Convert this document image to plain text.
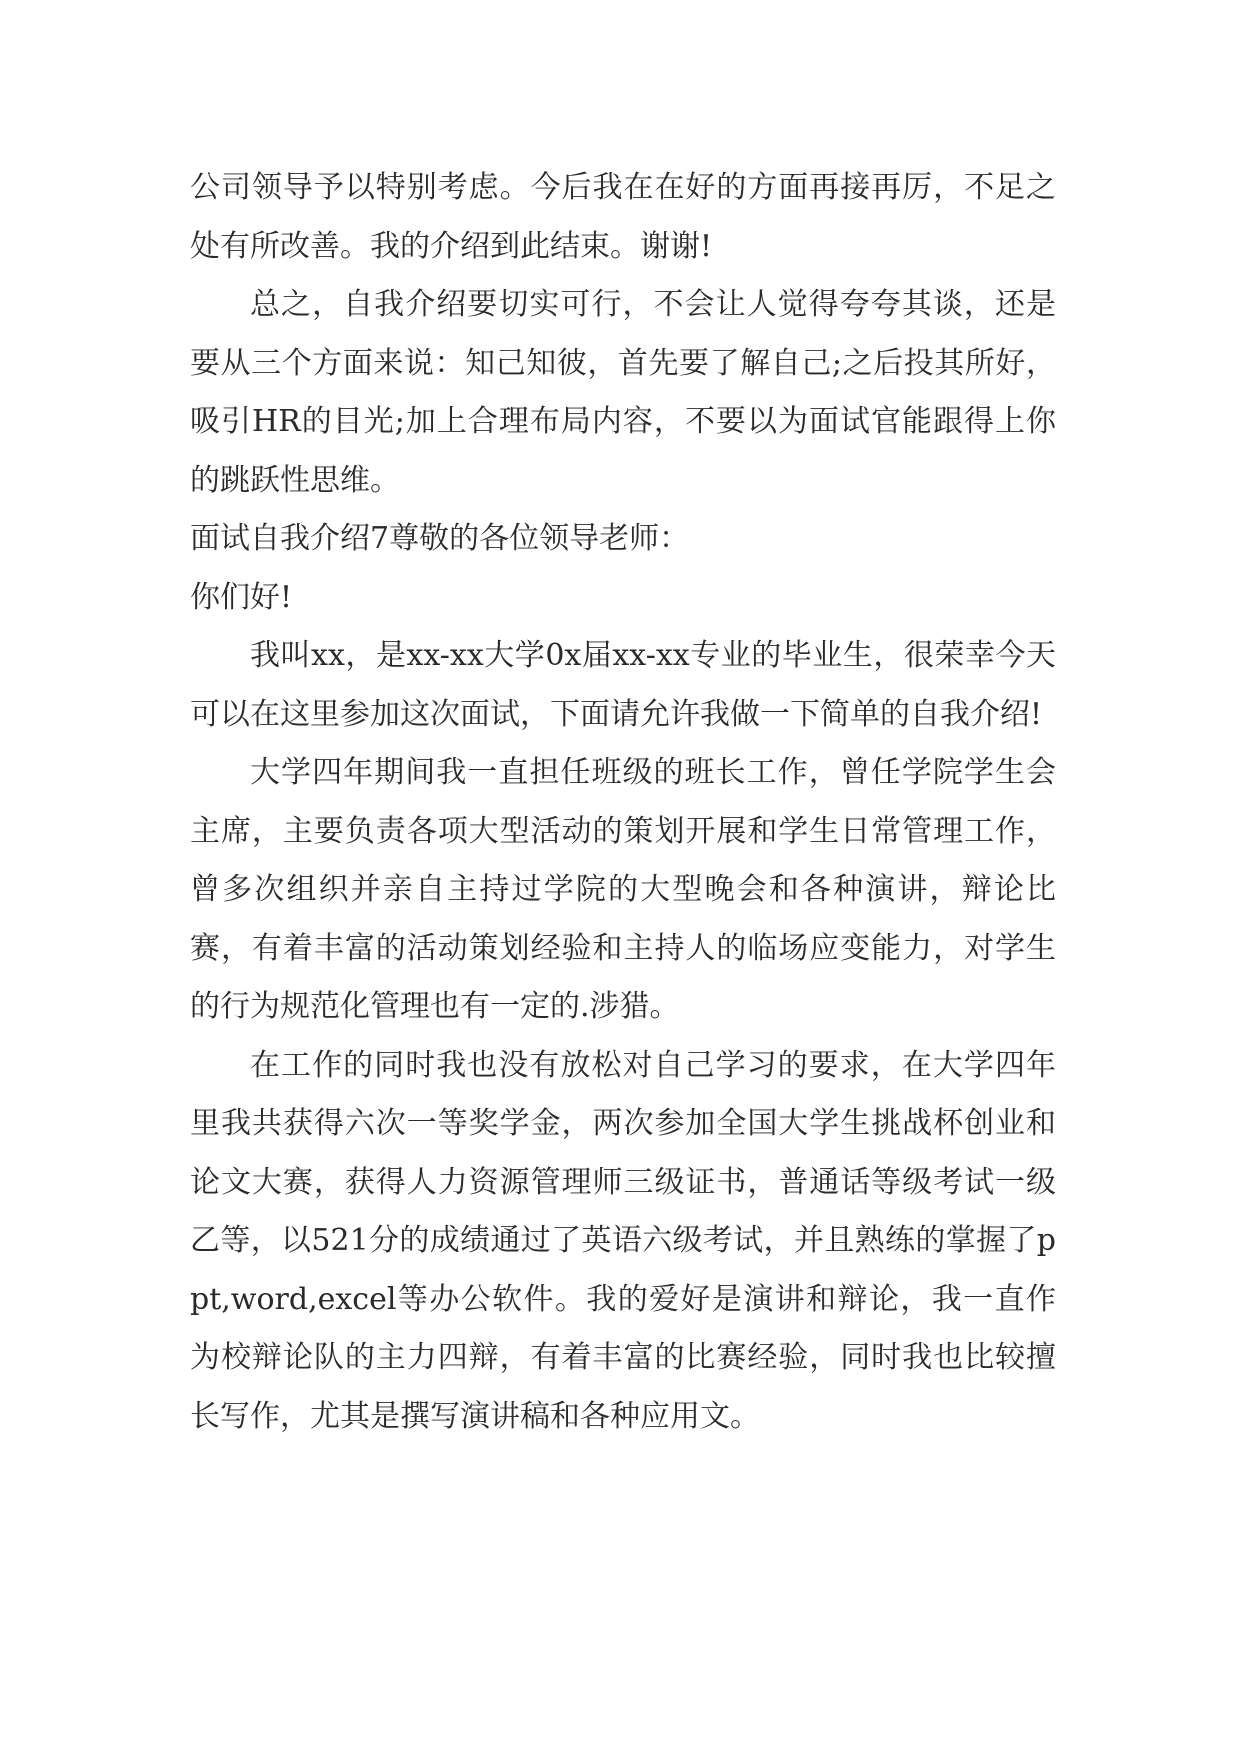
公司领导予以特别考虑。今后我在在好的方面再接再厉，不足之处有所改善。我的介绍到此结束。谢谢!

总之，自我介绍要切实可行，不会让人觉得夸夸其谈，还是要从三个方面来说：知己知彼，首先要了解自己;之后投其所好，吸引HR的目光;加上合理布局内容，不要以为面试官能跟得上你的跳跃性思维。

面试自我介绍7尊敬的各位领导老师：

你们好!

我叫xx，是xx-xx大学0x届xx-xx专业的毕业生，很荣幸今天可以在这里参加这次面试，下面请允许我做一下简单的自我介绍!

大学四年期间我一直担任班级的班长工作，曾任学院学生会主席，主要负责各项大型活动的策划开展和学生日常管理工作，曾多次组织并亲自主持过学院的大型晚会和各种演讲，辩论比赛，有着丰富的活动策划经验和主持人的临场应变能力，对学生的行为规范化管理也有一定的.涉猎。

在工作的同时我也没有放松对自己学习的要求，在大学四年里我共获得六次一等奖学金，两次参加全国大学生挑战杯创业和论文大赛，获得人力资源管理师三级证书，普通话等级考试一级乙等，以521分的成绩通过了英语六级考试，并且熟练的掌握了ppt,word,excel等办公软件。我的爱好是演讲和辩论，我一直作为校辩论队的主力四辩，有着丰富的比赛经验，同时我也比较擅长写作，尤其是撰写演讲稿和各种应用文。
